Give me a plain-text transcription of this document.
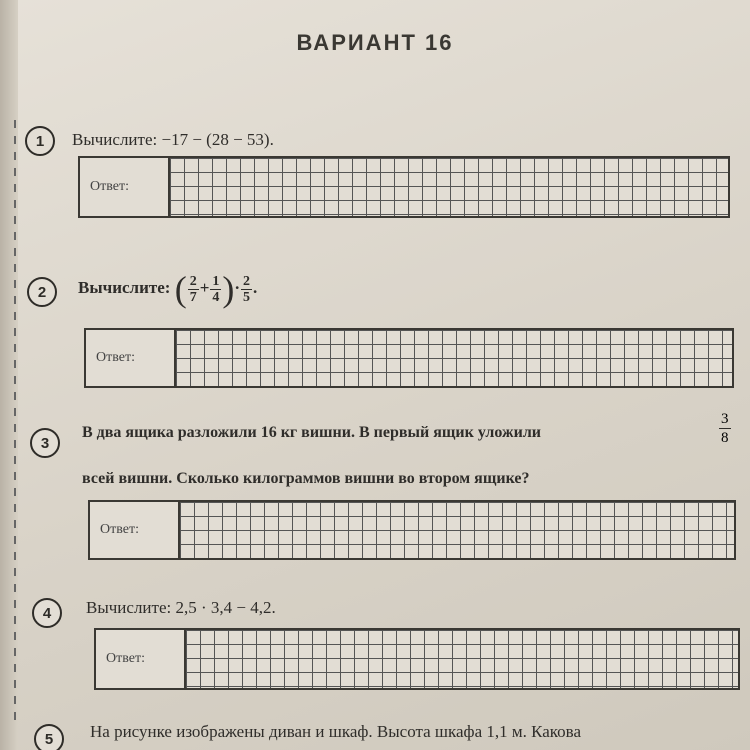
ВАРИАНТ 16
1	Вычислите: −17 − (28 − 53).
Ответ:
2	Вычислите: ( $\frac{2}{7} + \frac{1}{4}$ )· $\frac{2}{5}$ .
Ответ:
3
В два ящика разложили 16 кг вишни. В первый ящик уложили	$\frac{3}{8}$
всей вишни. Сколько килограммов вишни во втором ящике?
Ответ:
4	Вычислите: 2,5 · 3,4 − 4,2.
Ответ:
5	На рисунке изображены диван и шкаф. Высота шкафа 1,1 м. Какова
